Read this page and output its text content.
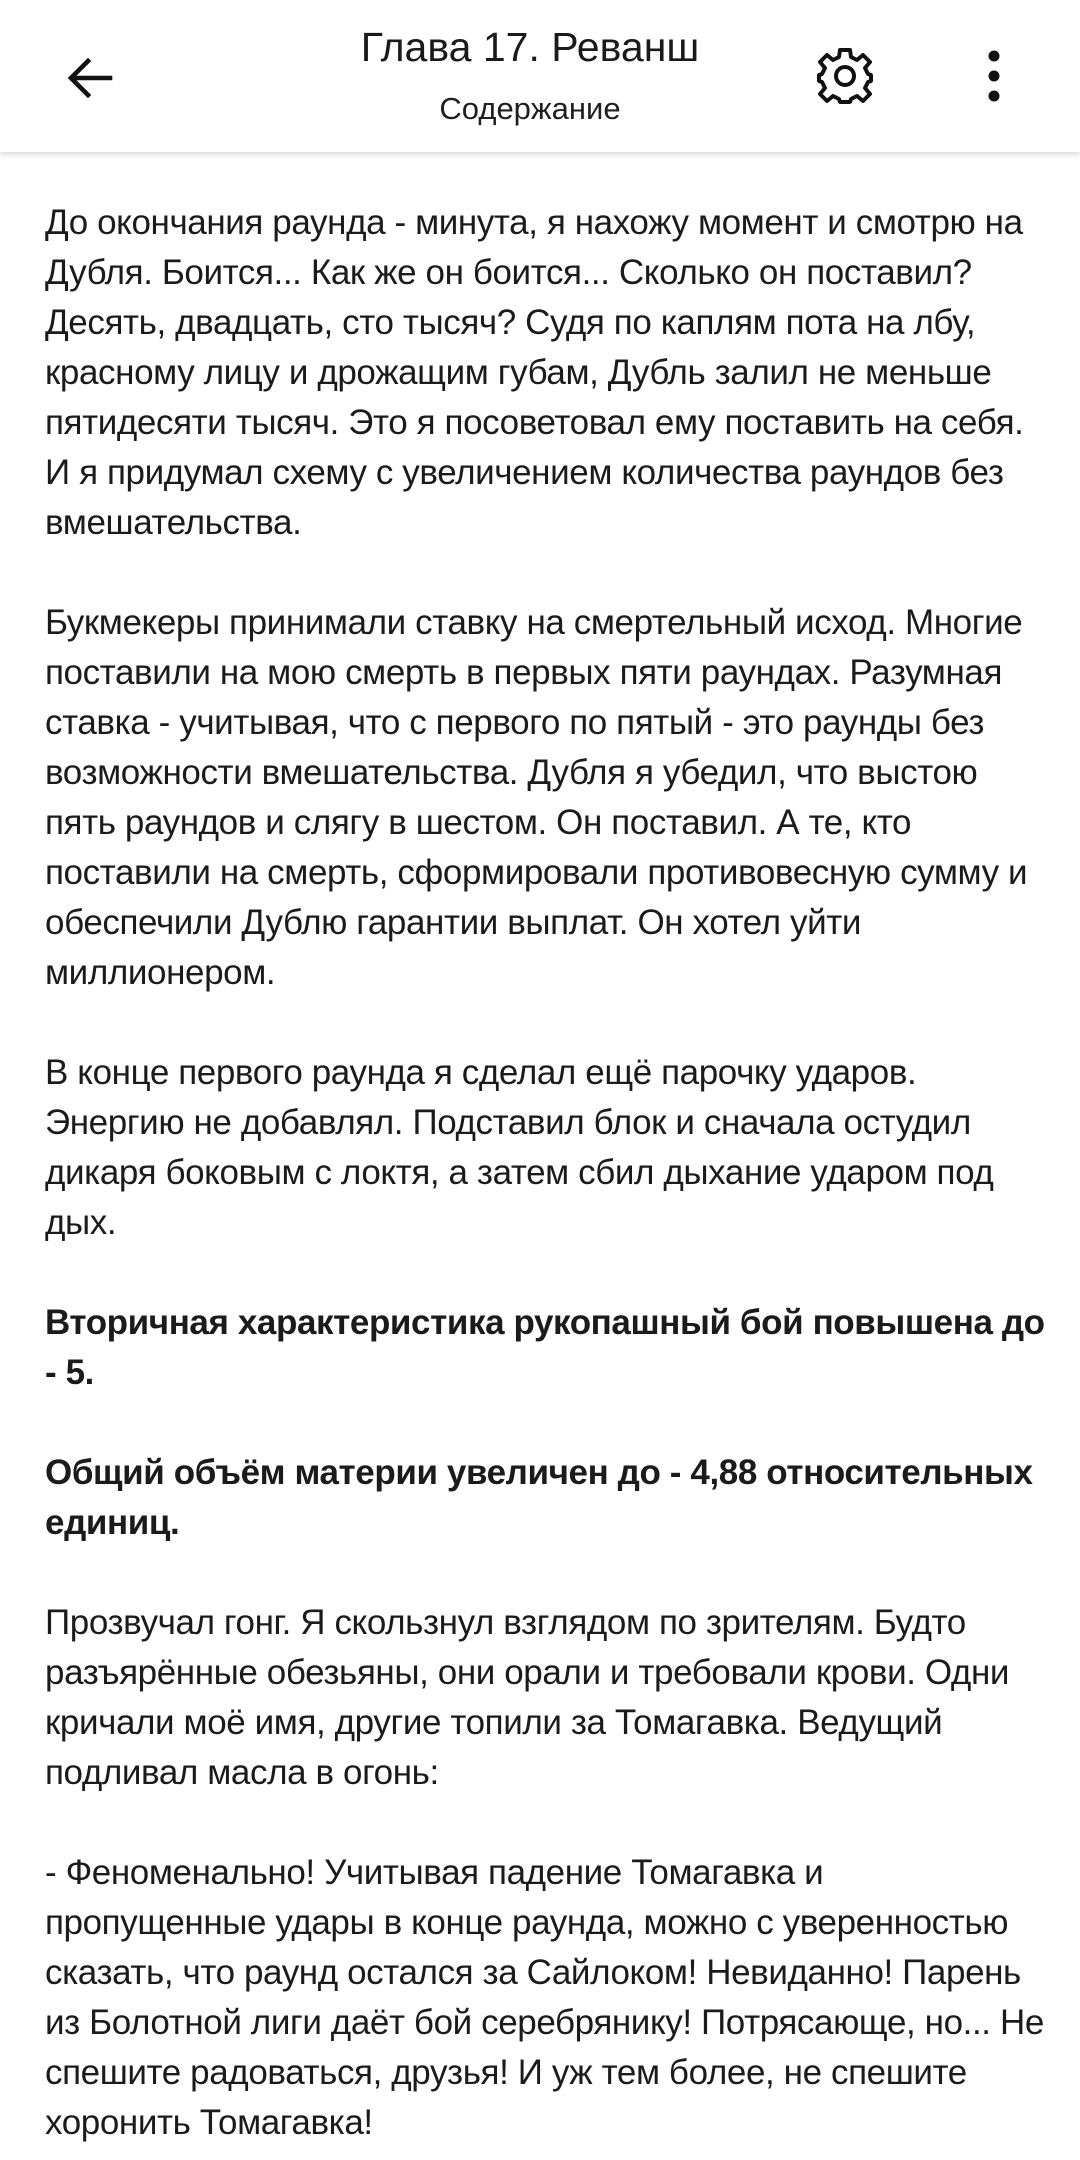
Глава 17. Реванш
Содержание

До окончания раунда - минута, я нахожу момент и смотрю на Дубля. Боится... Как же он боится... Сколько он поставил? Десять, двадцать, сто тысяч? Судя по каплям пота на лбу, красному лицу и дрожащим губам, Дубль залил не меньше пятидесяти тысяч. Это я посоветовал ему поставить на себя. И я придумал схему с увеличением количества раундов без вмешательства.

Букмекеры принимали ставку на смертельный исход. Многие поставили на мою смерть в первых пяти раундах. Разумная ставка - учитывая, что с первого по пятый - это раунды без возможности вмешательства. Дубля я убедил, что выстою пять раундов и слягу в шестом. Он поставил. А те, кто поставили на смерть, сформировали противовесную сумму и обеспечили Дублю гарантии выплат. Он хотел уйти миллионером.

В конце первого раунда я сделал ещё парочку ударов. Энергию не добавлял. Подставил блок и сначала остудил дикаря боковым с локтя, а затем сбил дыхание ударом под дых.

Вторичная характеристика рукопашный бой повышена до - 5.

Общий объём материи увеличен до - 4,88 относительных единиц.

Прозвучал гонг. Я скользнул взглядом по зрителям. Будто разъярённые обезьяны, они орали и требовали крови. Одни кричали моё имя, другие топили за Томагавка. Ведущий подливал масла в огонь:

- Феноменально! Учитывая падение Томагавка и пропущенные удары в конце раунда, можно с уверенностью сказать, что раунд остался за Сайлоком! Невиданно! Парень из Болотной лиги даёт бой серебрянику! Потрясающе, но... Не спешите радоваться, друзья! И уж тем более, не спешите хоронить Томагавка!
